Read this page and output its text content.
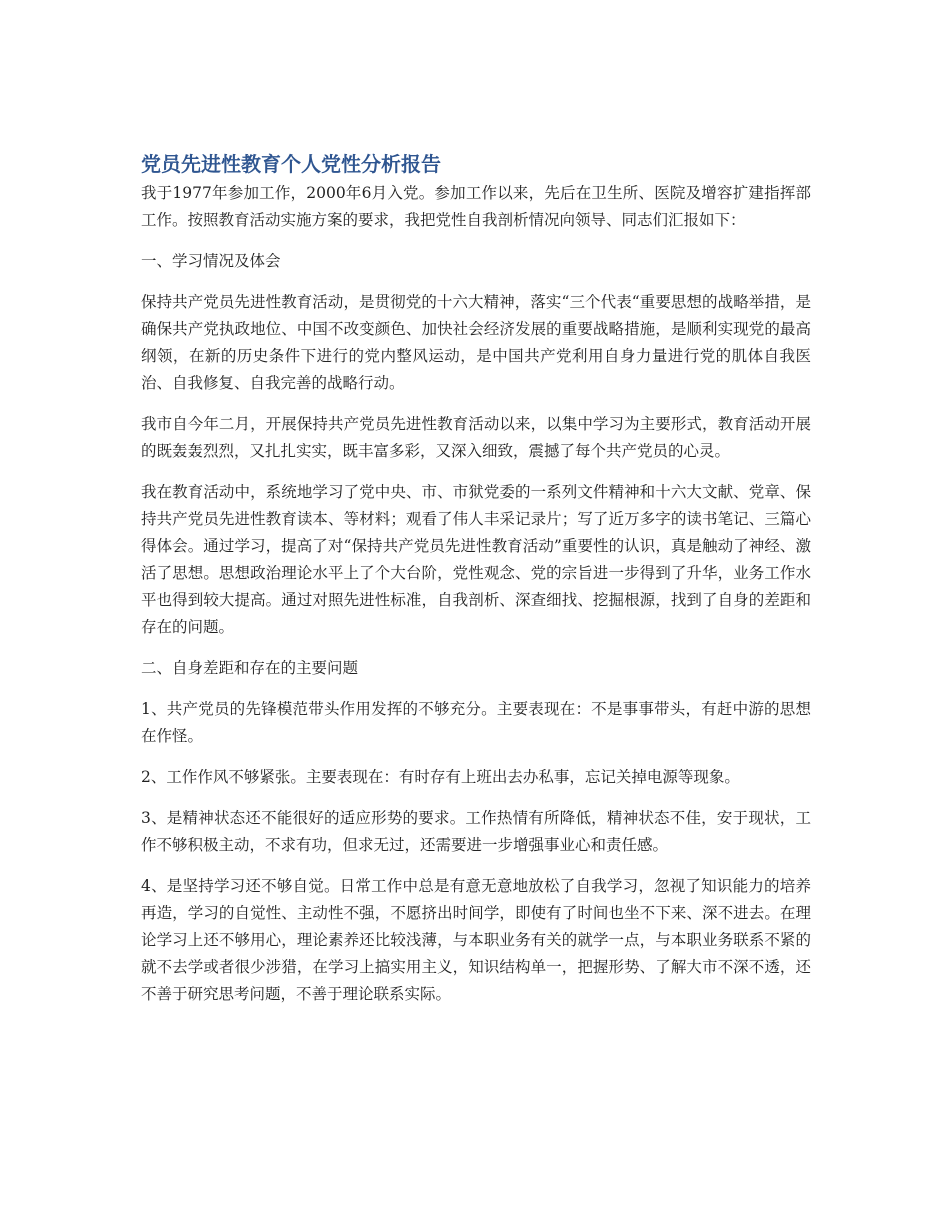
党员先进性教育个人党性分析报告

我于1977年参加工作，2000年6月入党。参加工作以来，先后在卫生所、医院及增容扩建指挥部工作。按照教育活动实施方案的要求，我把党性自我剖析情况向领导、同志们汇报如下：

一、学习情况及体会

保持共产党员先进性教育活动，是贯彻党的十六大精神，落实“三个代表“重要思想的战略举措，是确保共产党执政地位、中国不改变颜色、加快社会经济发展的重要战略措施，是顺利实现党的最高纲领，在新的历史条件下进行的党内整风运动，是中国共产党利用自身力量进行党的肌体自我医治、自我修复、自我完善的战略行动。

我市自今年二月，开展保持共产党员先进性教育活动以来，以集中学习为主要形式，教育活动开展的既轰轰烈烈，又扎扎实实，既丰富多彩，又深入细致，震撼了每个共产党员的心灵。

我在教育活动中，系统地学习了党中央、市、市狱党委的一系列文件精神和十六大文献、党章、保持共产党员先进性教育读本、等材料；观看了伟人丰采记录片；写了近万多字的读书笔记、三篇心得体会。通过学习，提高了对“保持共产党员先进性教育活动”重要性的认识，真是触动了神经、激活了思想。思想政治理论水平上了个大台阶，党性观念、党的宗旨进一步得到了升华，业务工作水平也得到较大提高。通过对照先进性标准，自我剖析、深查细找、挖掘根源，找到了自身的差距和存在的问题。

二、自身差距和存在的主要问题

1、共产党员的先锋模范带头作用发挥的不够充分。主要表现在：不是事事带头，有赶中游的思想在作怪。

2、工作作风不够紧张。主要表现在：有时存有上班出去办私事，忘记关掉电源等现象。

3、是精神状态还不能很好的适应形势的要求。工作热情有所降低，精神状态不佳，安于现状，工作不够积极主动，不求有功，但求无过，还需要进一步增强事业心和责任感。

4、是坚持学习还不够自觉。日常工作中总是有意无意地放松了自我学习，忽视了知识能力的培养再造，学习的自觉性、主动性不强，不愿挤出时间学，即使有了时间也坐不下来、深不进去。在理论学习上还不够用心，理论素养还比较浅薄，与本职业务有关的就学一点，与本职业务联系不紧的就不去学或者很少涉猎，在学习上搞实用主义，知识结构单一，把握形势、了解大市不深不透，还不善于研究思考问题，不善于理论联系实际。
